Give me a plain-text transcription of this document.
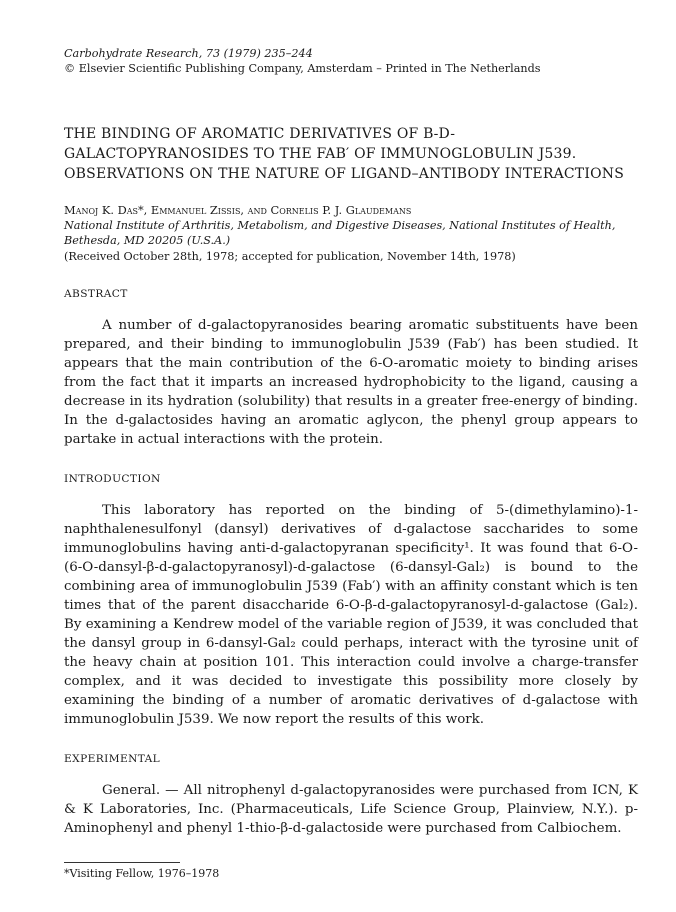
Carbohydrate Research, 73 (1979) 235–244
© Elsevier Scientific Publishing Company, Amsterdam – Printed in The Netherlands
THE BINDING OF AROMATIC DERIVATIVES OF Β-D-GALACTOPYRANOSIDES TO THE FAB′ OF IMMUNOGLOBULIN J539. OBSERVATIONS ON THE NATURE OF LIGAND–ANTIBODY INTERACTIONS
Manoj K. Das*, Emmanuel Zissis, and Cornelis P. J. Glaudemans
National Institute of Arthritis, Metabolism, and Digestive Diseases, National Institutes of Health, Bethesda, MD 20205 (U.S.A.)
(Received October 28th, 1978; accepted for publication, November 14th, 1978)
ABSTRACT

A number of d-galactopyranosides bearing aromatic substituents have been prepared, and their binding to immunoglobulin J539 (Fab′) has been studied. It appears that the main contribution of the 6-O-aromatic moiety to binding arises from the fact that it imparts an increased hydrophobicity to the ligand, causing a decrease in its hydration (solubility) that results in a greater free-energy of binding. In the d-galactosides having an aromatic aglycon, the phenyl group appears to partake in actual interactions with the protein.

INTRODUCTION

This laboratory has reported on the binding of 5-(dimethylamino)-1-naphthalenesulfonyl (dansyl) derivatives of d-galactose saccharides to some immunoglobulins having anti-d-galactopyranan specificity¹. It was found that 6-O-(6-O-dansyl-β-d-galactopyranosyl)-d-galactose (6-dansyl-Gal₂) is bound to the combining area of immunoglobulin J539 (Fab′) with an affinity constant which is ten times that of the parent disaccharide 6-O-β-d-galactopyranosyl-d-galactose (Gal₂). By examining a Kendrew model of the variable region of J539, it was concluded that the dansyl group in 6-dansyl-Gal₂ could perhaps, interact with the tyrosine unit of the heavy chain at position 101. This interaction could involve a charge-transfer complex, and it was decided to investigate this possibility more closely by examining the binding of a number of aromatic derivatives of d-galactose with immunoglobulin J539. We now report the results of this work.

EXPERIMENTAL

General. — All nitrophenyl d-galactopyranosides were purchased from ICN, K & K Laboratories, Inc. (Pharmaceuticals, Life Science Group, Plainview, N.Y.). p-Aminophenyl and phenyl 1-thio-β-d-galactoside were purchased from Calbiochem.

*Visiting Fellow, 1976–1978
